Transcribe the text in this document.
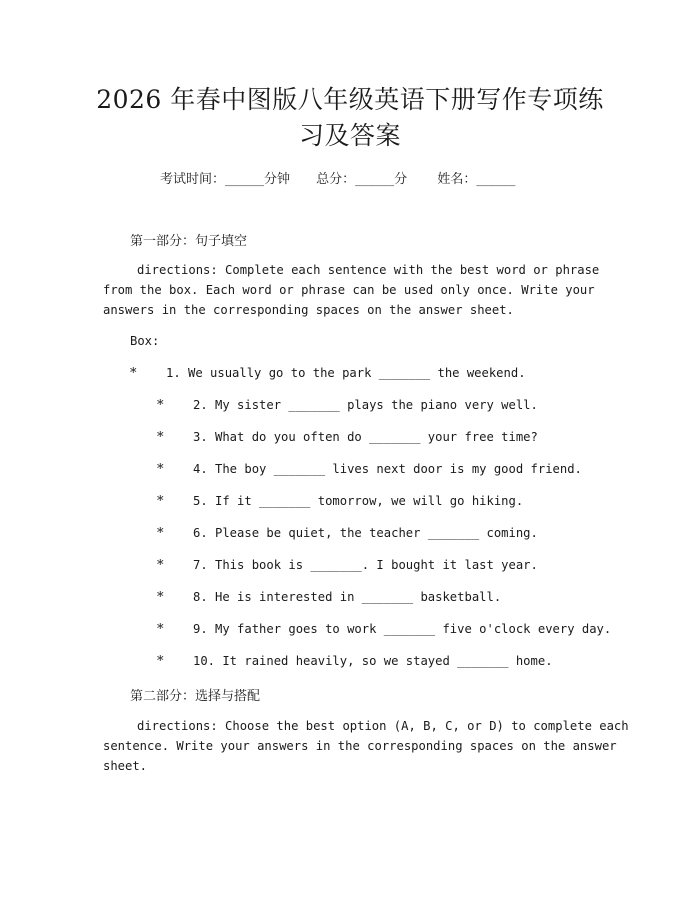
2026 年春中图版八年级英语下册写作专项练
习及答案
考试时间：______分钟 总分：______分 姓名：______
第一部分：句子填空
directions: Complete each sentence with the best word or phrase
from the box. Each word or phrase can be used only once. Write your
answers in the corresponding spaces on the answer sheet.
Box:
* 1. We usually go to the park _______ the weekend.
* 2. My sister _______ plays the piano very well.
* 3. What do you often do _______ your free time?
* 4. The boy _______ lives next door is my good friend.
* 5. If it _______ tomorrow, we will go hiking.
* 6. Please be quiet, the teacher _______ coming.
* 7. This book is _______. I bought it last year.
* 8. He is interested in _______ basketball.
* 9. My father goes to work _______ five o'clock every day.
* 10. It rained heavily, so we stayed _______ home.
第二部分：选择与搭配
directions: Choose the best option (A, B, C, or D) to complete each
sentence. Write your answers in the corresponding spaces on the answer
sheet.
